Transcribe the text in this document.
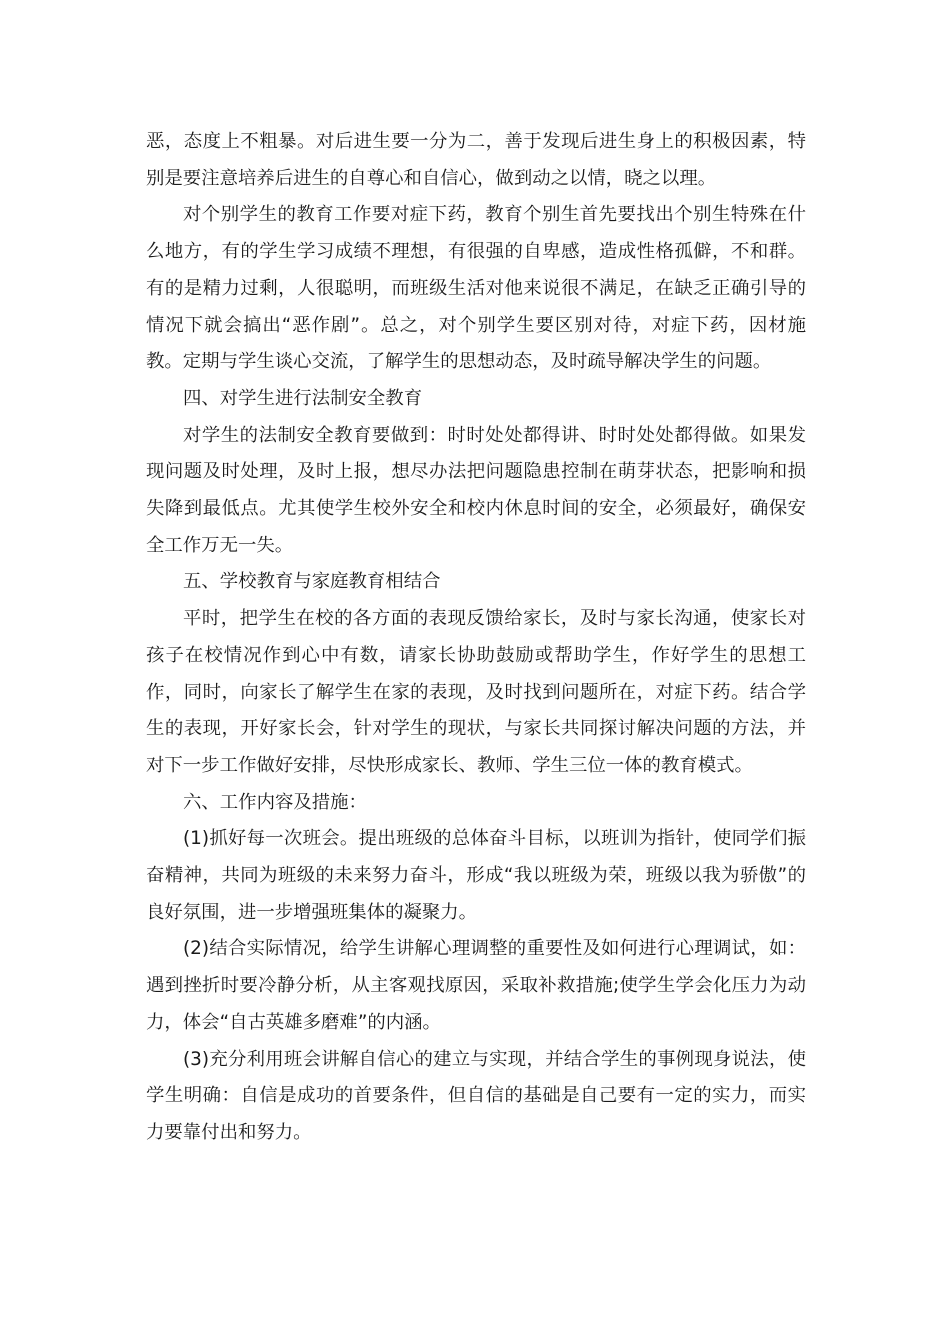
恶，态度上不粗暴。对后进生要一分为二，善于发现后进生身上的积极因素，特别是要注意培养后进生的自尊心和自信心，做到动之以情，晓之以理。

对个别学生的教育工作要对症下药，教育个别生首先要找出个别生特殊在什么地方，有的学生学习成绩不理想，有很强的自卑感，造成性格孤僻，不和群。有的是精力过剩，人很聪明，而班级生活对他来说很不满足，在缺乏正确引导的情况下就会搞出“恶作剧”。总之，对个别学生要区别对待，对症下药，因材施教。定期与学生谈心交流，了解学生的思想动态，及时疏导解决学生的问题。

四、对学生进行法制安全教育

对学生的法制安全教育要做到：时时处处都得讲、时时处处都得做。如果发现问题及时处理，及时上报，想尽办法把问题隐患控制在萌芽状态，把影响和损失降到最低点。尤其使学生校外安全和校内休息时间的安全，必须最好，确保安全工作万无一失。

五、学校教育与家庭教育相结合

平时，把学生在校的各方面的表现反馈给家长，及时与家长沟通，使家长对孩子在校情况作到心中有数，请家长协助鼓励或帮助学生，作好学生的思想工作，同时，向家长了解学生在家的表现，及时找到问题所在，对症下药。结合学生的表现，开好家长会，针对学生的现状，与家长共同探讨解决问题的方法，并对下一步工作做好安排，尽快形成家长、教师、学生三位一体的教育模式。

六、工作内容及措施：

(1)抓好每一次班会。提出班级的总体奋斗目标，以班训为指针，使同学们振奋精神，共同为班级的未来努力奋斗，形成“我以班级为荣，班级以我为骄傲”的良好氛围，进一步增强班集体的凝聚力。

(2)结合实际情况，给学生讲解心理调整的重要性及如何进行心理调试，如：遇到挫折时要冷静分析，从主客观找原因，采取补救措施;使学生学会化压力为动力，体会“自古英雄多磨难”的内涵。

(3)充分利用班会讲解自信心的建立与实现，并结合学生的事例现身说法，使学生明确：自信是成功的首要条件，但自信的基础是自己要有一定的实力，而实力要靠付出和努力。
